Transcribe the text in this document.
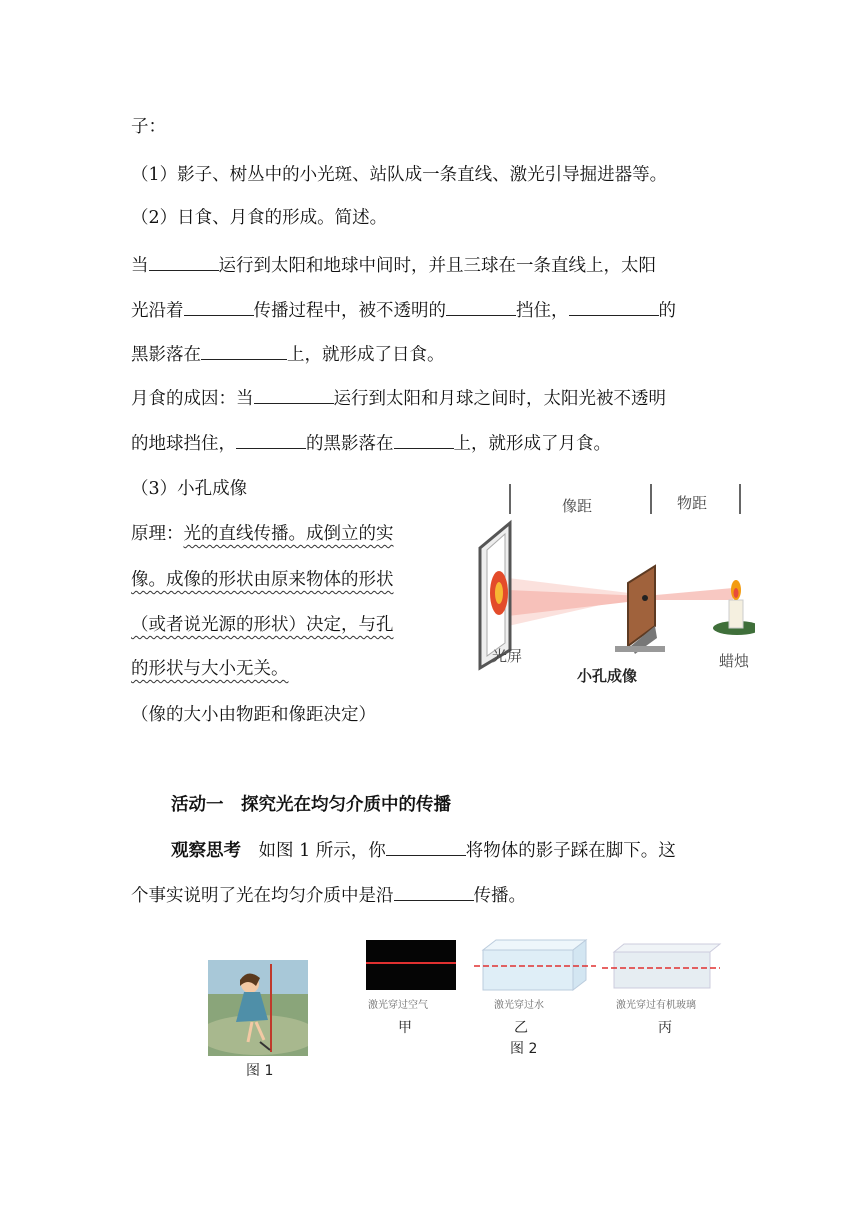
子：
（1）影子、树丛中的小光斑、站队成一条直线、激光引导掘进器等。
（2）日食、月食的形成。简述。
当	运行到太阳和地球中间时，并且三球在一条直线上，太阳
光沿着	传播过程中，被不透明的	挡住，	的
黑影落在	上，就形成了日食。
月食的成因：当	运行到太阳和月球之间时，太阳光被不透明
的地球挡住，	的黑影落在	上，就形成了月食。
（3）小孔成像
原理：光的直线传播。成倒立的实
像。成像的形状由原来物体的形状
（或者说光源的形状）决定，与孔
的形状与大小无关。
（像的大小由物距和像距决定）
像距	物距
光屏	蜡烛
小孔成像
活动一　探究光在均匀介质中的传播
观察思考　 如图 1 所示，你	将物体的影子踩在脚下。这
个事实说明了光在均匀介质中是沿	传播。
图 1
激光穿过空气	激光穿过水	激光穿过有机玻璃
甲	乙	丙
图 2
